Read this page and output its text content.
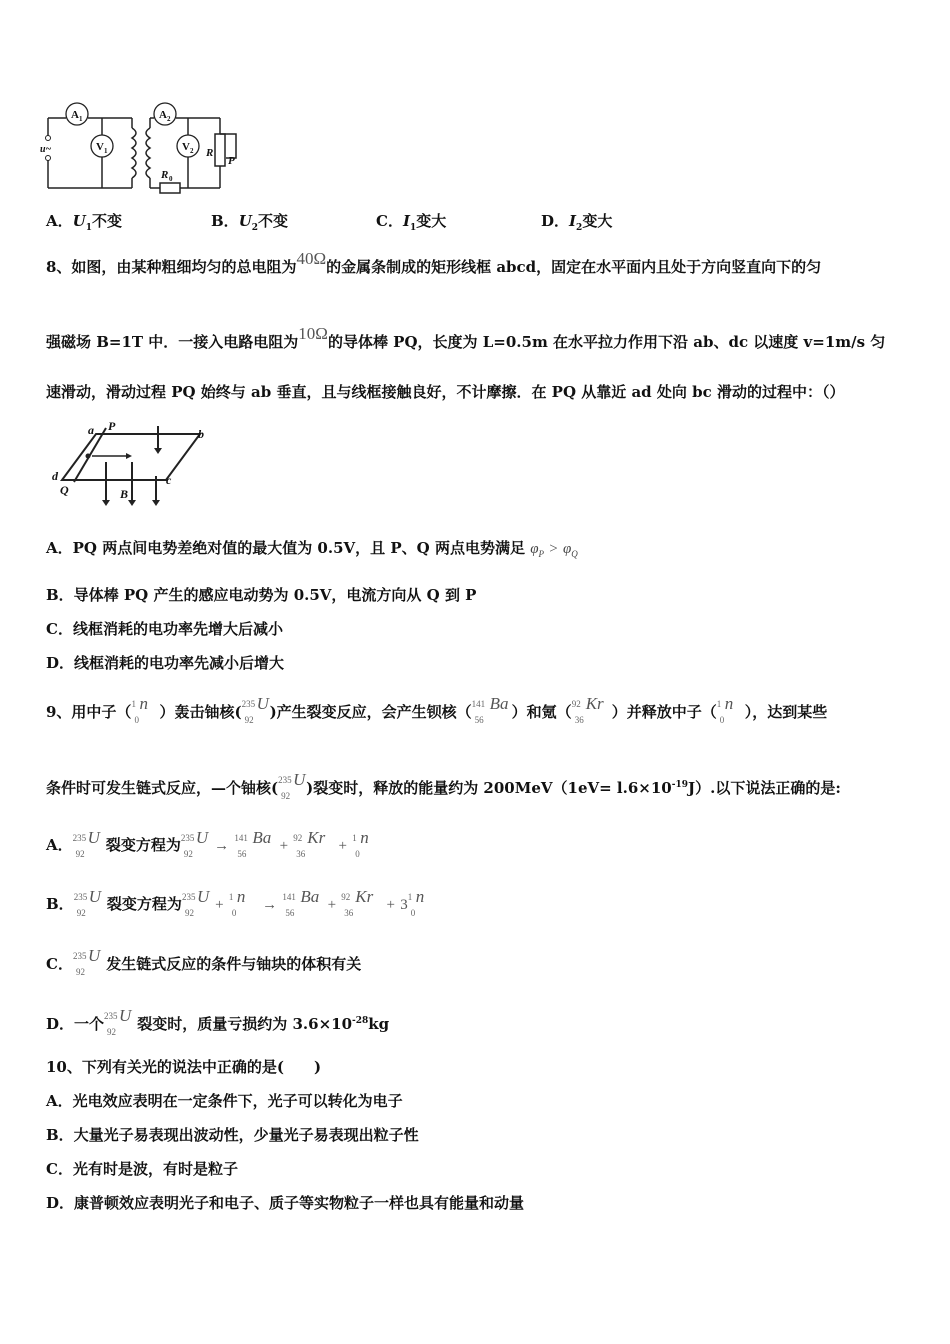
A 1
V 1
A 2
V 2
u~	R
P
R 0
A．$U_1$不变	B．$U_2$不变	C．$I_1$变大	D．$I_2$变大
8、如图，由某种粗细均匀的总电阻为40Ω的金属条制成的矩形线框 abcd，固定在水平面内且处于方向竖直向下的匀
强磁场 B=1T 中．一接入电路电阻为10Ω的导体棒 PQ，长度为 L=0.5m 在水平拉力作用下沿 ab、dc 以速度 v=1m/s 匀
速滑动，滑动过程 PQ 始终与 ab 垂直，且与线框接触良好，不计摩擦．在 PQ 从靠近 ad 处向 bc 滑动的过程中：（）
a P
b
d
Q	B
c
A．PQ 两点间电势差绝对值的最大值为 0.5V，且 P、Q 两点电势满足 $\varphi_P > \varphi_Q$
B．导体棒 PQ 产生的感应电动势为 0.5V，电流方向从 Q 到 P
C．线框消耗的电功率先增大后减小
D．线框消耗的电功率先减小后增大
9、用中子（ 1
0
n ）轰击铀核( 235
92
U )产生裂变反应，会产生钡核（ 141
56
Ba ）和氪（ 92
36
Kr ）并释放中子（ 1
0
n ），达到某些
条件时可发生链式反应，—个铀核( 235
92
U )裂变时，释放的能量约为 $200MeV(1eV= l.6\times 10^{-19}J)$.以下说法正确的是:
A． 235
92
U 裂变方程为 235
92
U → 141
56
Ba + 92
36
Kr + 1
0
n
B． 235
92
U 裂变方程为 235
92
U + 1
0
n → 141
56
Ba + 92
36
Kr + 3 1
0
n
C． 235
92
U 发生链式反应的条件与铀块的体积有关
D．一个 235
92
U 裂变时，质量亏损约为 $3.6\times 10^{-28}kg$
10、下列有关光的说法中正确的是(　　)
A．光电效应表明在一定条件下，光子可以转化为电子
B．大量光子易表现出波动性，少量光子易表现出粒子性
C．光有时是波，有时是粒子
D．康普顿效应表明光子和电子、质子等实物粒子一样也具有能量和动量
